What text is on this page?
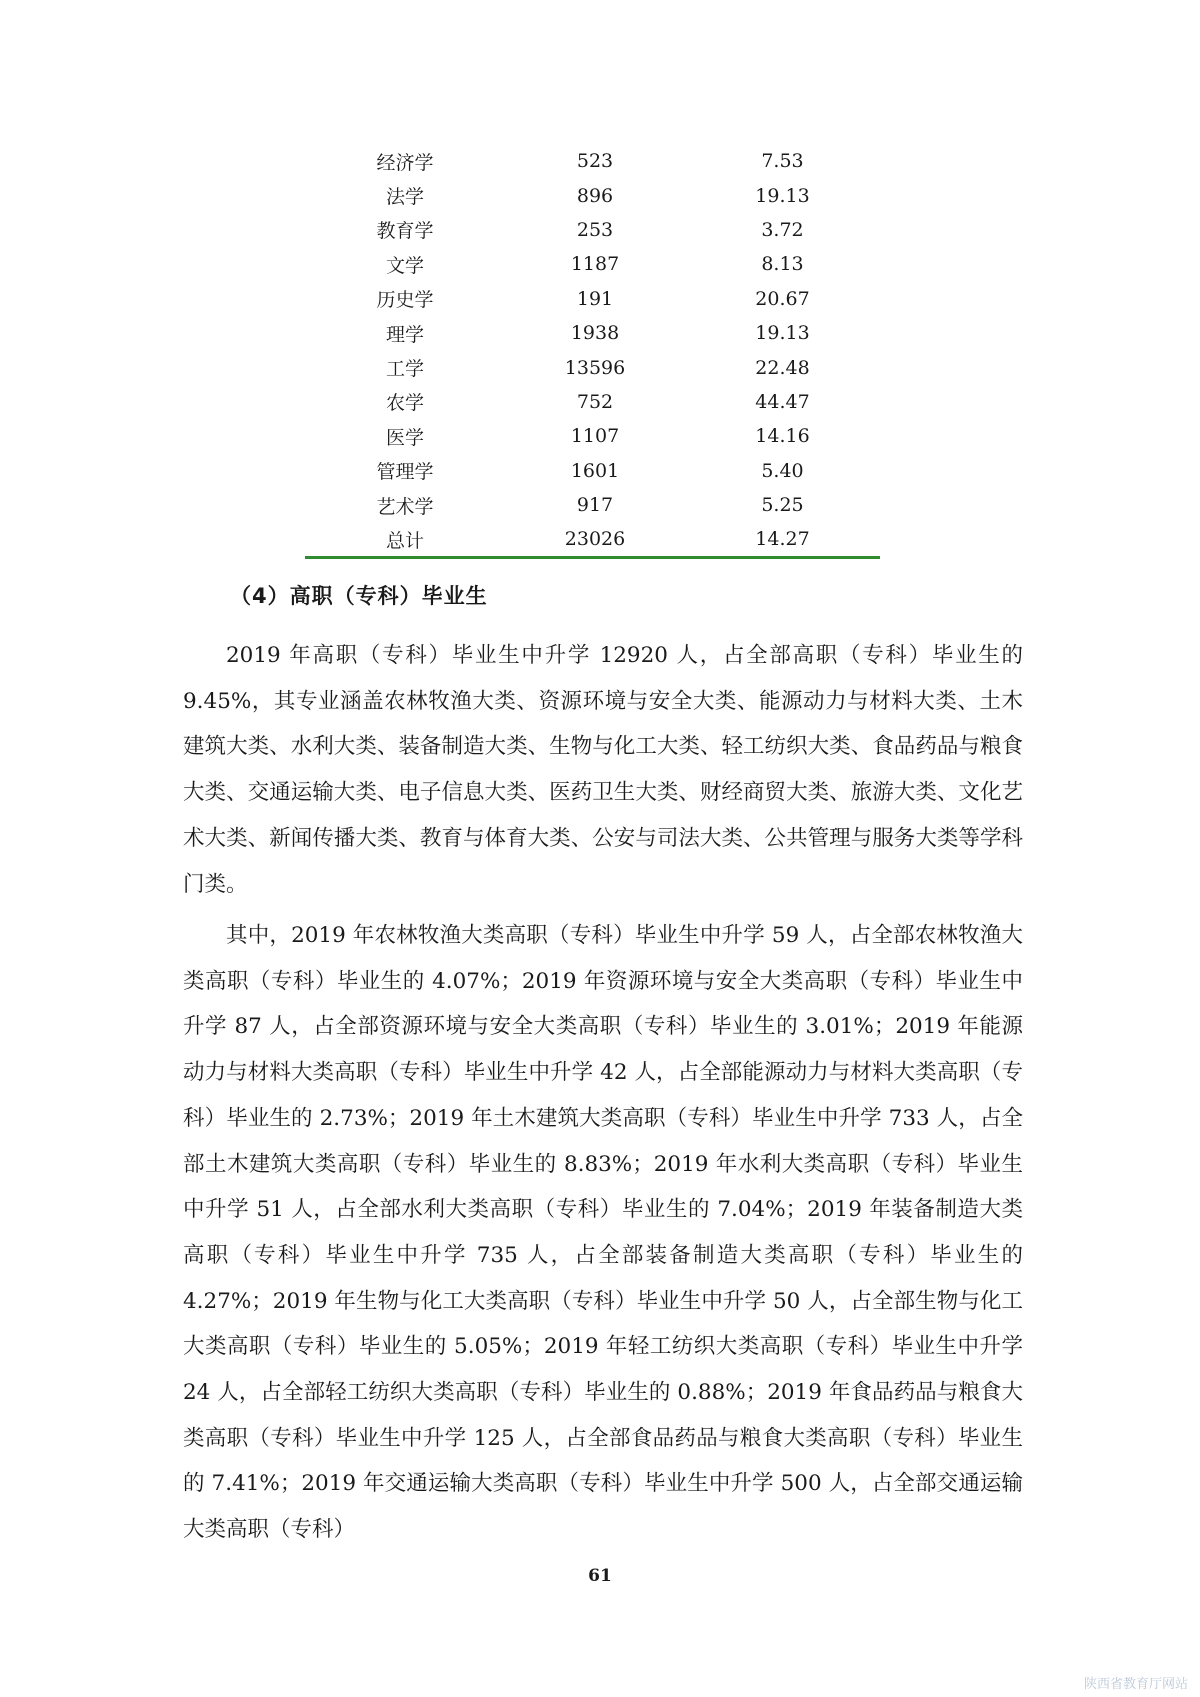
经济学	523	7.53
法学	896	19.13
教育学	253	3.72
文学	1187	8.13
历史学	191	20.67
理学	1938	19.13
工学	13596	22.48
农学	752	44.47
医学	1107	14.16
管理学	1601	5.40
艺术学	917	5.25
总计	23026	14.27
（4）高职（专科）毕业生

2019 年高职（专科）毕业生中升学 12920 人，占全部高职（专科）毕业生的 9.45%，其专业涵盖农林牧渔大类、资源环境与安全大类、能源动力与材料大类、土木建筑大类、水利大类、装备制造大类、生物与化工大类、轻工纺织大类、食品药品与粮食大类、交通运输大类、电子信息大类、医药卫生大类、财经商贸大类、旅游大类、文化艺术大类、新闻传播大类、教育与体育大类、公安与司法大类、公共管理与服务大类等学科门类。

其中，2019 年农林牧渔大类高职（专科）毕业生中升学 59 人，占全部农林牧渔大类高职（专科）毕业生的 4.07%；2019 年资源环境与安全大类高职（专科）毕业生中升学 87 人，占全部资源环境与安全大类高职（专科）毕业生的 3.01%；2019 年能源动力与材料大类高职（专科）毕业生中升学 42 人，占全部能源动力与材料大类高职（专科）毕业生的 2.73%；2019 年土木建筑大类高职（专科）毕业生中升学 733 人，占全部土木建筑大类高职（专科）毕业生的 8.83%；2019 年水利大类高职（专科）毕业生中升学 51 人，占全部水利大类高职（专科）毕业生的 7.04%；2019 年装备制造大类高职（专科）毕业生中升学 735 人，占全部装备制造大类高职（专科）毕业生的 4.27%；2019 年生物与化工大类高职（专科）毕业生中升学 50 人，占全部生物与化工大类高职（专科）毕业生的 5.05%；2019 年轻工纺织大类高职（专科）毕业生中升学 24 人，占全部轻工纺织大类高职（专科）毕业生的 0.88%；2019 年食品药品与粮食大类高职（专科）毕业生中升学 125 人，占全部食品药品与粮食大类高职（专科）毕业生的 7.41%；2019 年交通运输大类高职（专科）毕业生中升学 500 人，占全部交通运输大类高职（专科）

61
陕西省教育厅网站
